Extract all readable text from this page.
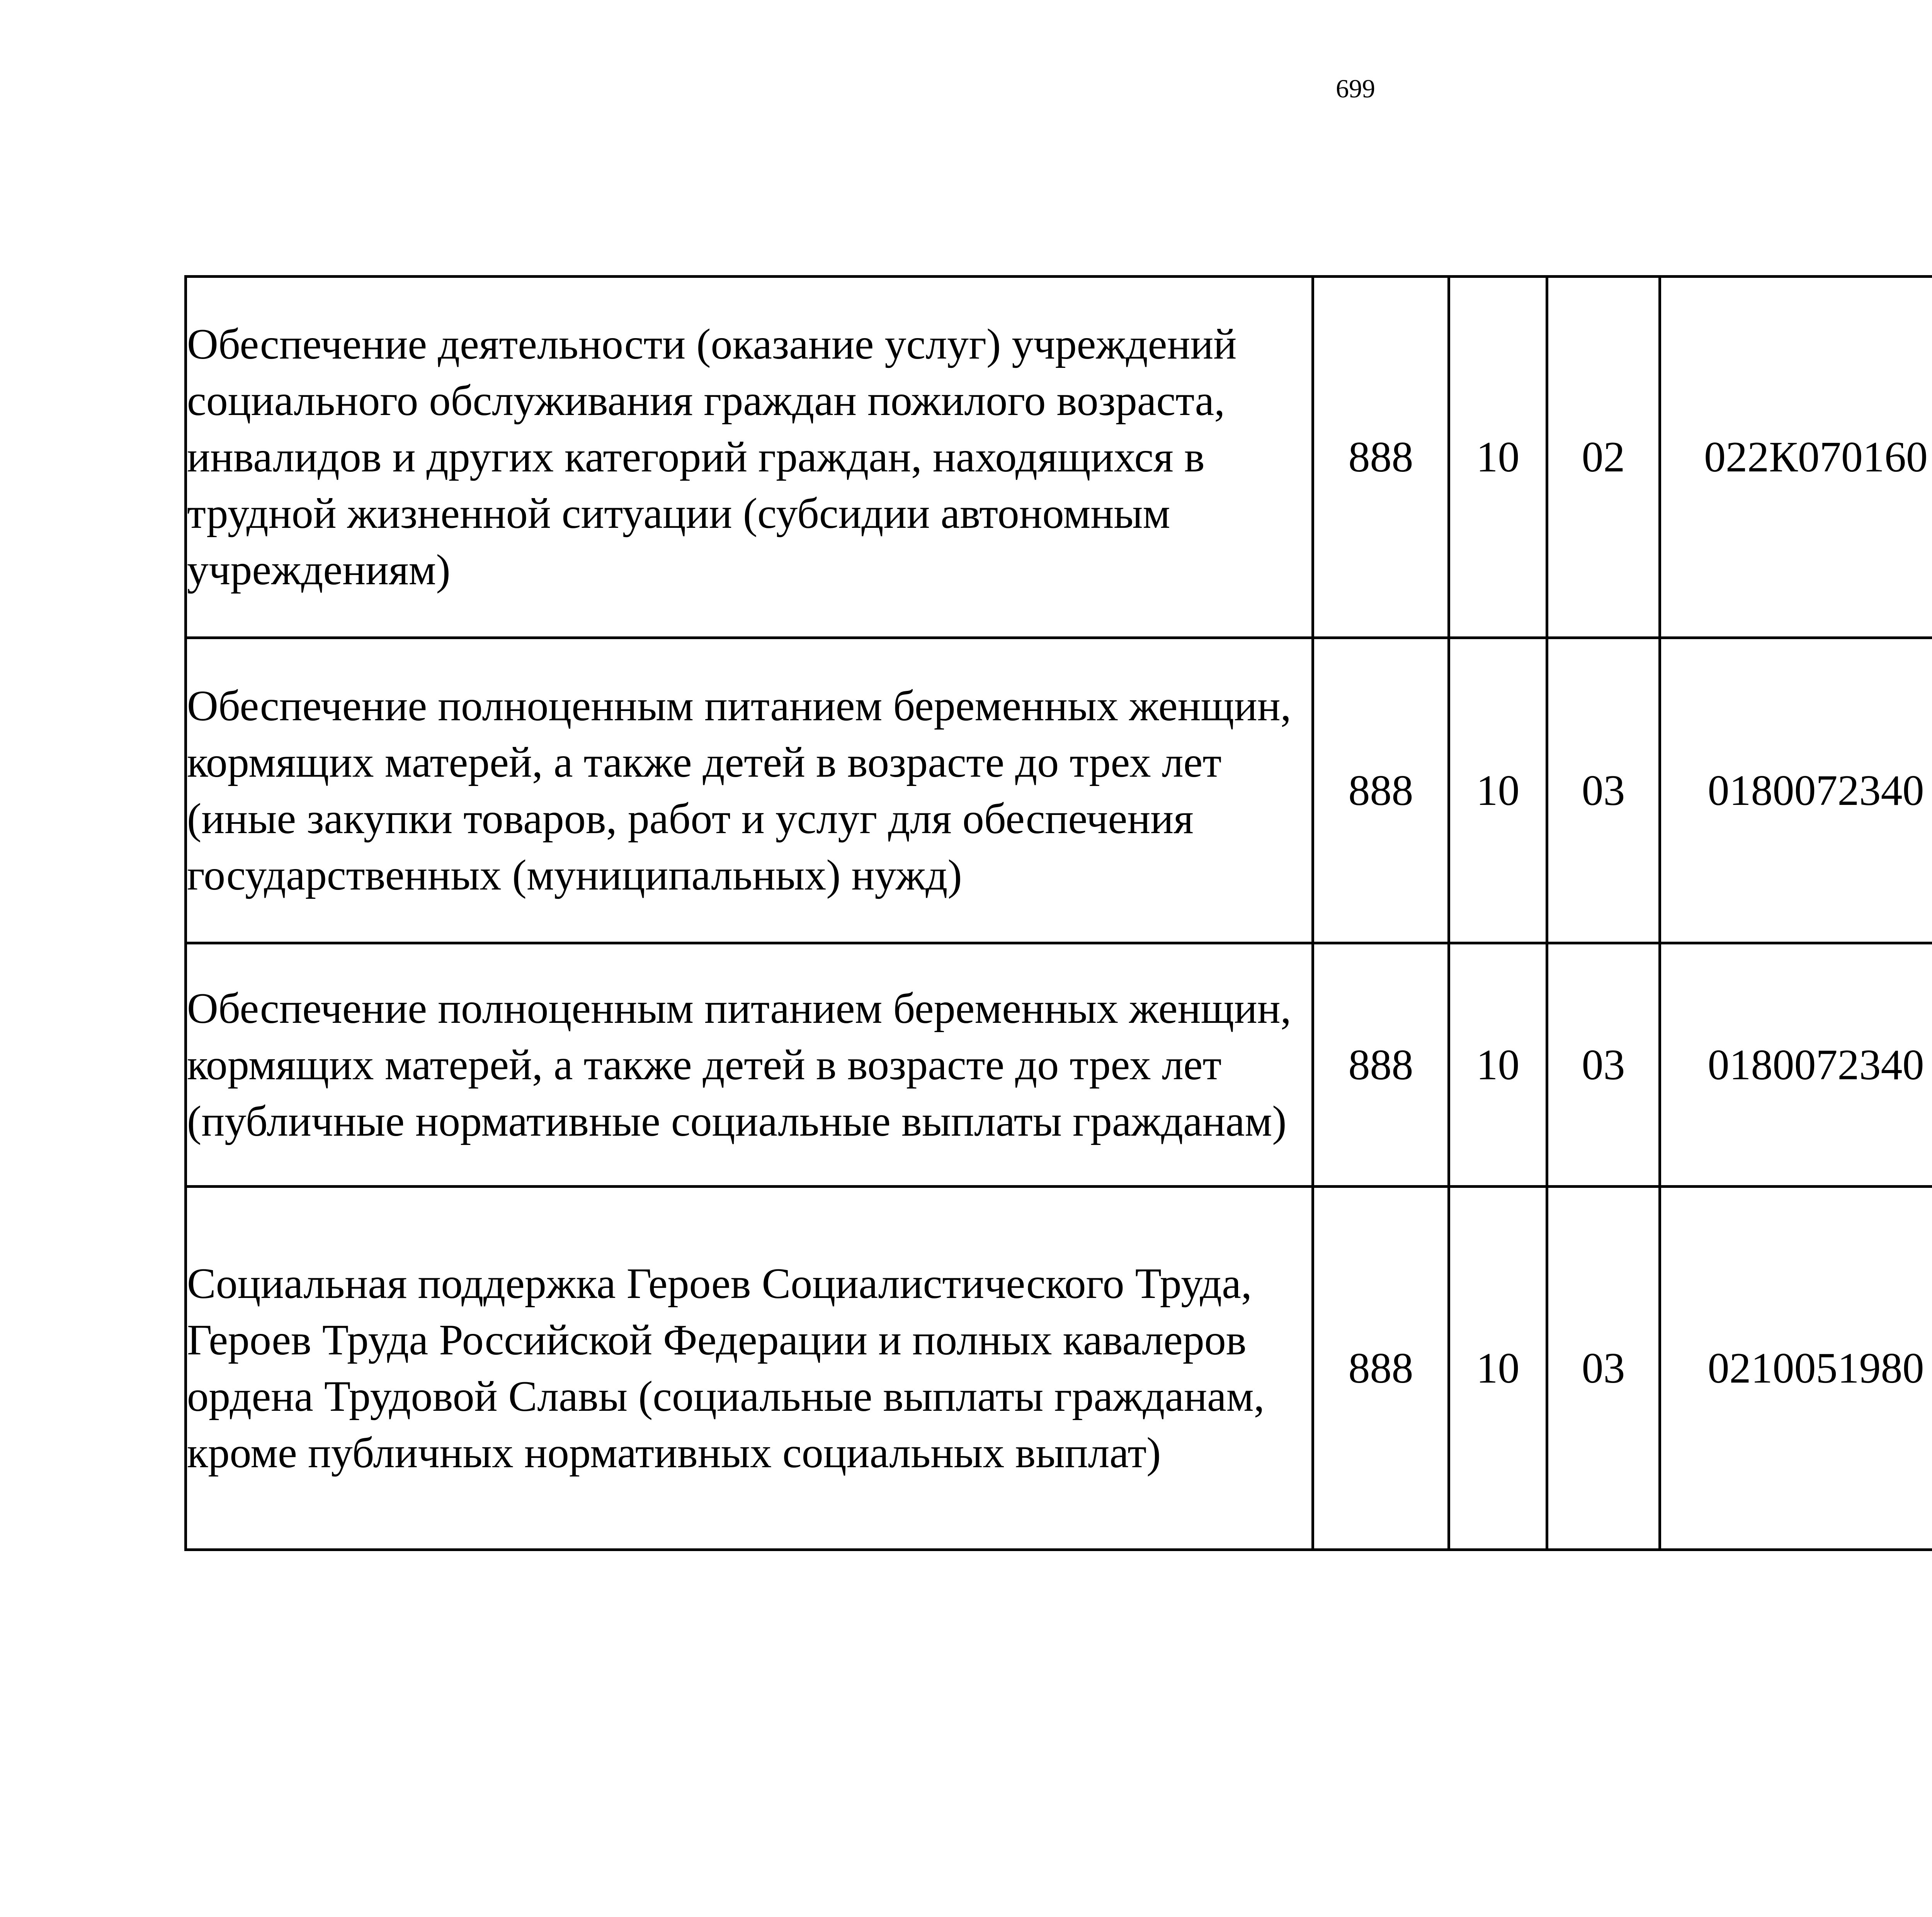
699
Обеспечение деятельности (оказание услуг) учреждений социального обслуживания граждан пожилого возраста, инвалидов и других категорий граждан, находящихся в трудной жизненной ситуации (субсидии автономным учреждениям)	888	10	02	022К070160		
Обеспечение полноценным питанием беременных женщин, кормящих матерей, а также детей в возрасте до трех лет (иные закупки товаров, работ и услуг для обеспечения государственных (муниципальных) нужд)	888	10	03	0180072340		
Обеспечение полноценным питанием беременных женщин, кормящих матерей, а также детей в возрасте до трех лет (публичные нормативные социальные выплаты гражданам)	888	10	03	0180072340		
Социальная поддержка Героев Социалистического Труда, Героев Труда Российской Федерации и полных кавалеров ордена Трудовой Славы (социальные выплаты гражданам, кроме публичных нормативных социальных выплат)	888	10	03	0210051980		
